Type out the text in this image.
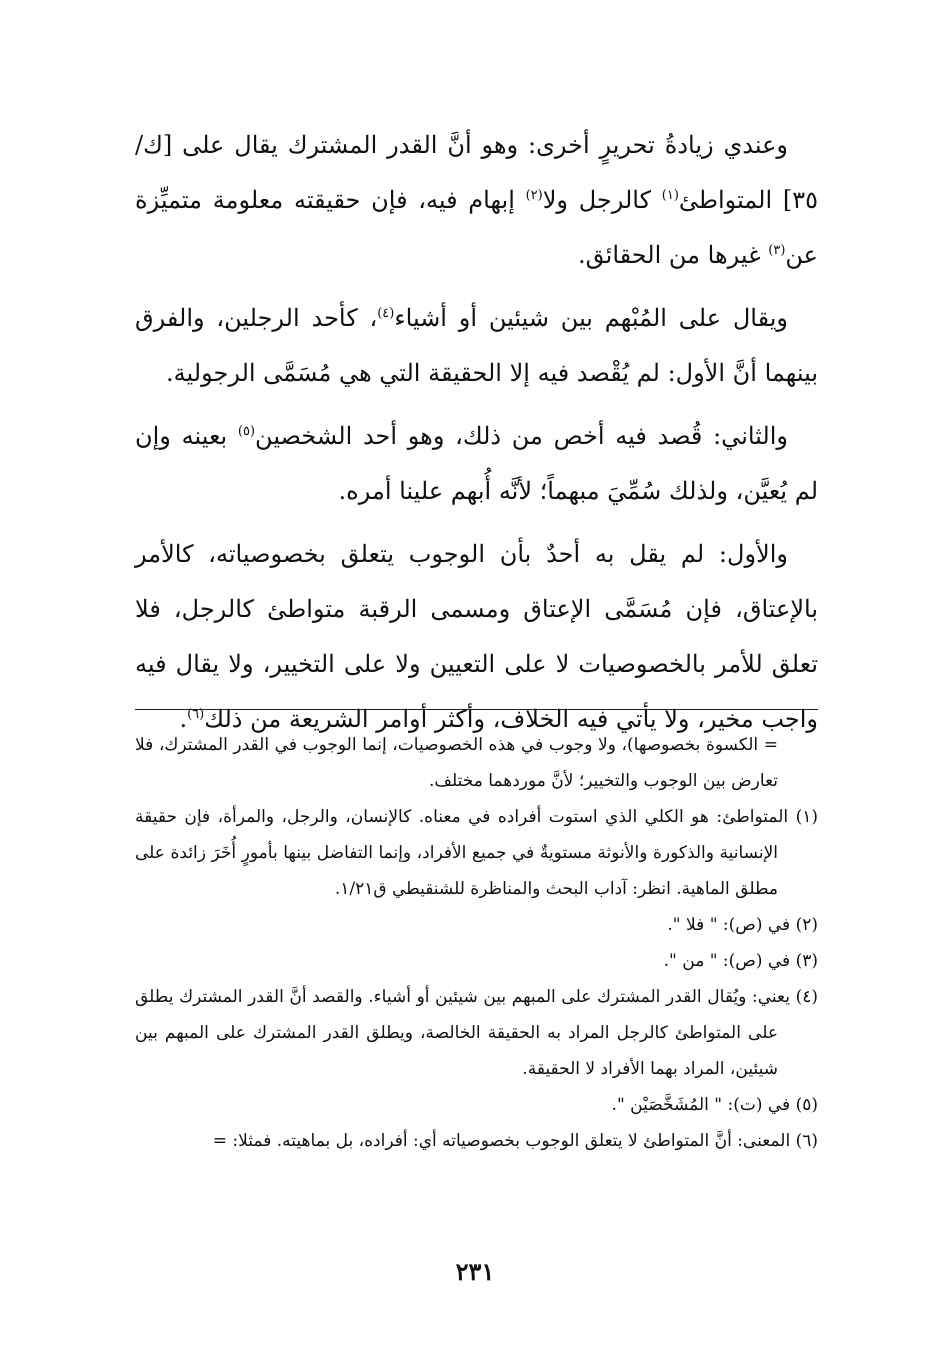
وعندي زيادةُ تحريرٍ أخرى: وهو أنَّ القدر المشترك يقال على [ك/٣٥] المتواطئ$^{(١)}$ كالرجل ولا$^{(٢)}$ إبهام فيه، فإن حقيقته معلومة متميِّزة عن$^{(٣)}$ غيرها من الحقائق.

ويقال على المُبْهم بين شيئين أو أشياء$^{(٤)}$، كأحد الرجلين، والفرق بينهما أنَّ الأول: لم يُقْصد فيه إلا الحقيقة التي هي مُسَمَّى الرجولية.

والثاني: قُصد فيه أخص من ذلك، وهو أحد الشخصين$^{(٥)}$ بعينه وإن لم يُعيَّن، ولذلك سُمِّيَ مبهماً؛ لأنَّه أُبهم علينا أمره.

والأول: لم يقل به أحدٌ بأن الوجوب يتعلق بخصوصياته، كالأمر بالإعتاق، فإن مُسَمَّى الإعتاق ومسمى الرقبة متواطئ كالرجل، فلا تعلق للأمر بالخصوصيات لا على التعيين ولا على التخيير، ولا يقال فيه واجب مخير، ولا يأتي فيه الخلاف، وأكثر أوامر الشريعة من ذلك$^{(٦)}$.

= الكسوة بخصوصها)، ولا وجوب في هذه الخصوصيات، إنما الوجوب في القدر المشترك، فلا تعارض بين الوجوب والتخيير؛ لأنَّ موردهما مختلف.

(١) المتواطئ: هو الكلي الذي استوت أفراده في معناه. كالإنسان، والرجل، والمرأة، فإن حقيقة الإنسانية والذكورة والأنوثة مستويةٌ في جميع الأفراد، وإنما التفاضل بينها بأمورٍ أُخَرَ زائدة على مطلق الماهية. انظر: آداب البحث والمناظرة للشنقيطي ق١/٢١.

(٢) في (ص): " فلا ".

(٣) في (ص): " من ".

(٤) يعني: ويُقال القدر المشترك على المبهم بين شيئين أو أشياء. والقصد أنَّ القدر المشترك يطلق على المتواطئ كالرجل المراد به الحقيقة الخالصة، ويطلق القدر المشترك على المبهم بين شيئين، المراد بهما الأفراد لا الحقيقة.

(٥) في (ت): " المُشَخَّصَيْن ".

(٦) المعنى: أنَّ المتواطئ لا يتعلق الوجوب بخصوصياته أي: أفراده، بل بماهيته. فمثلا: =

٢٣١
